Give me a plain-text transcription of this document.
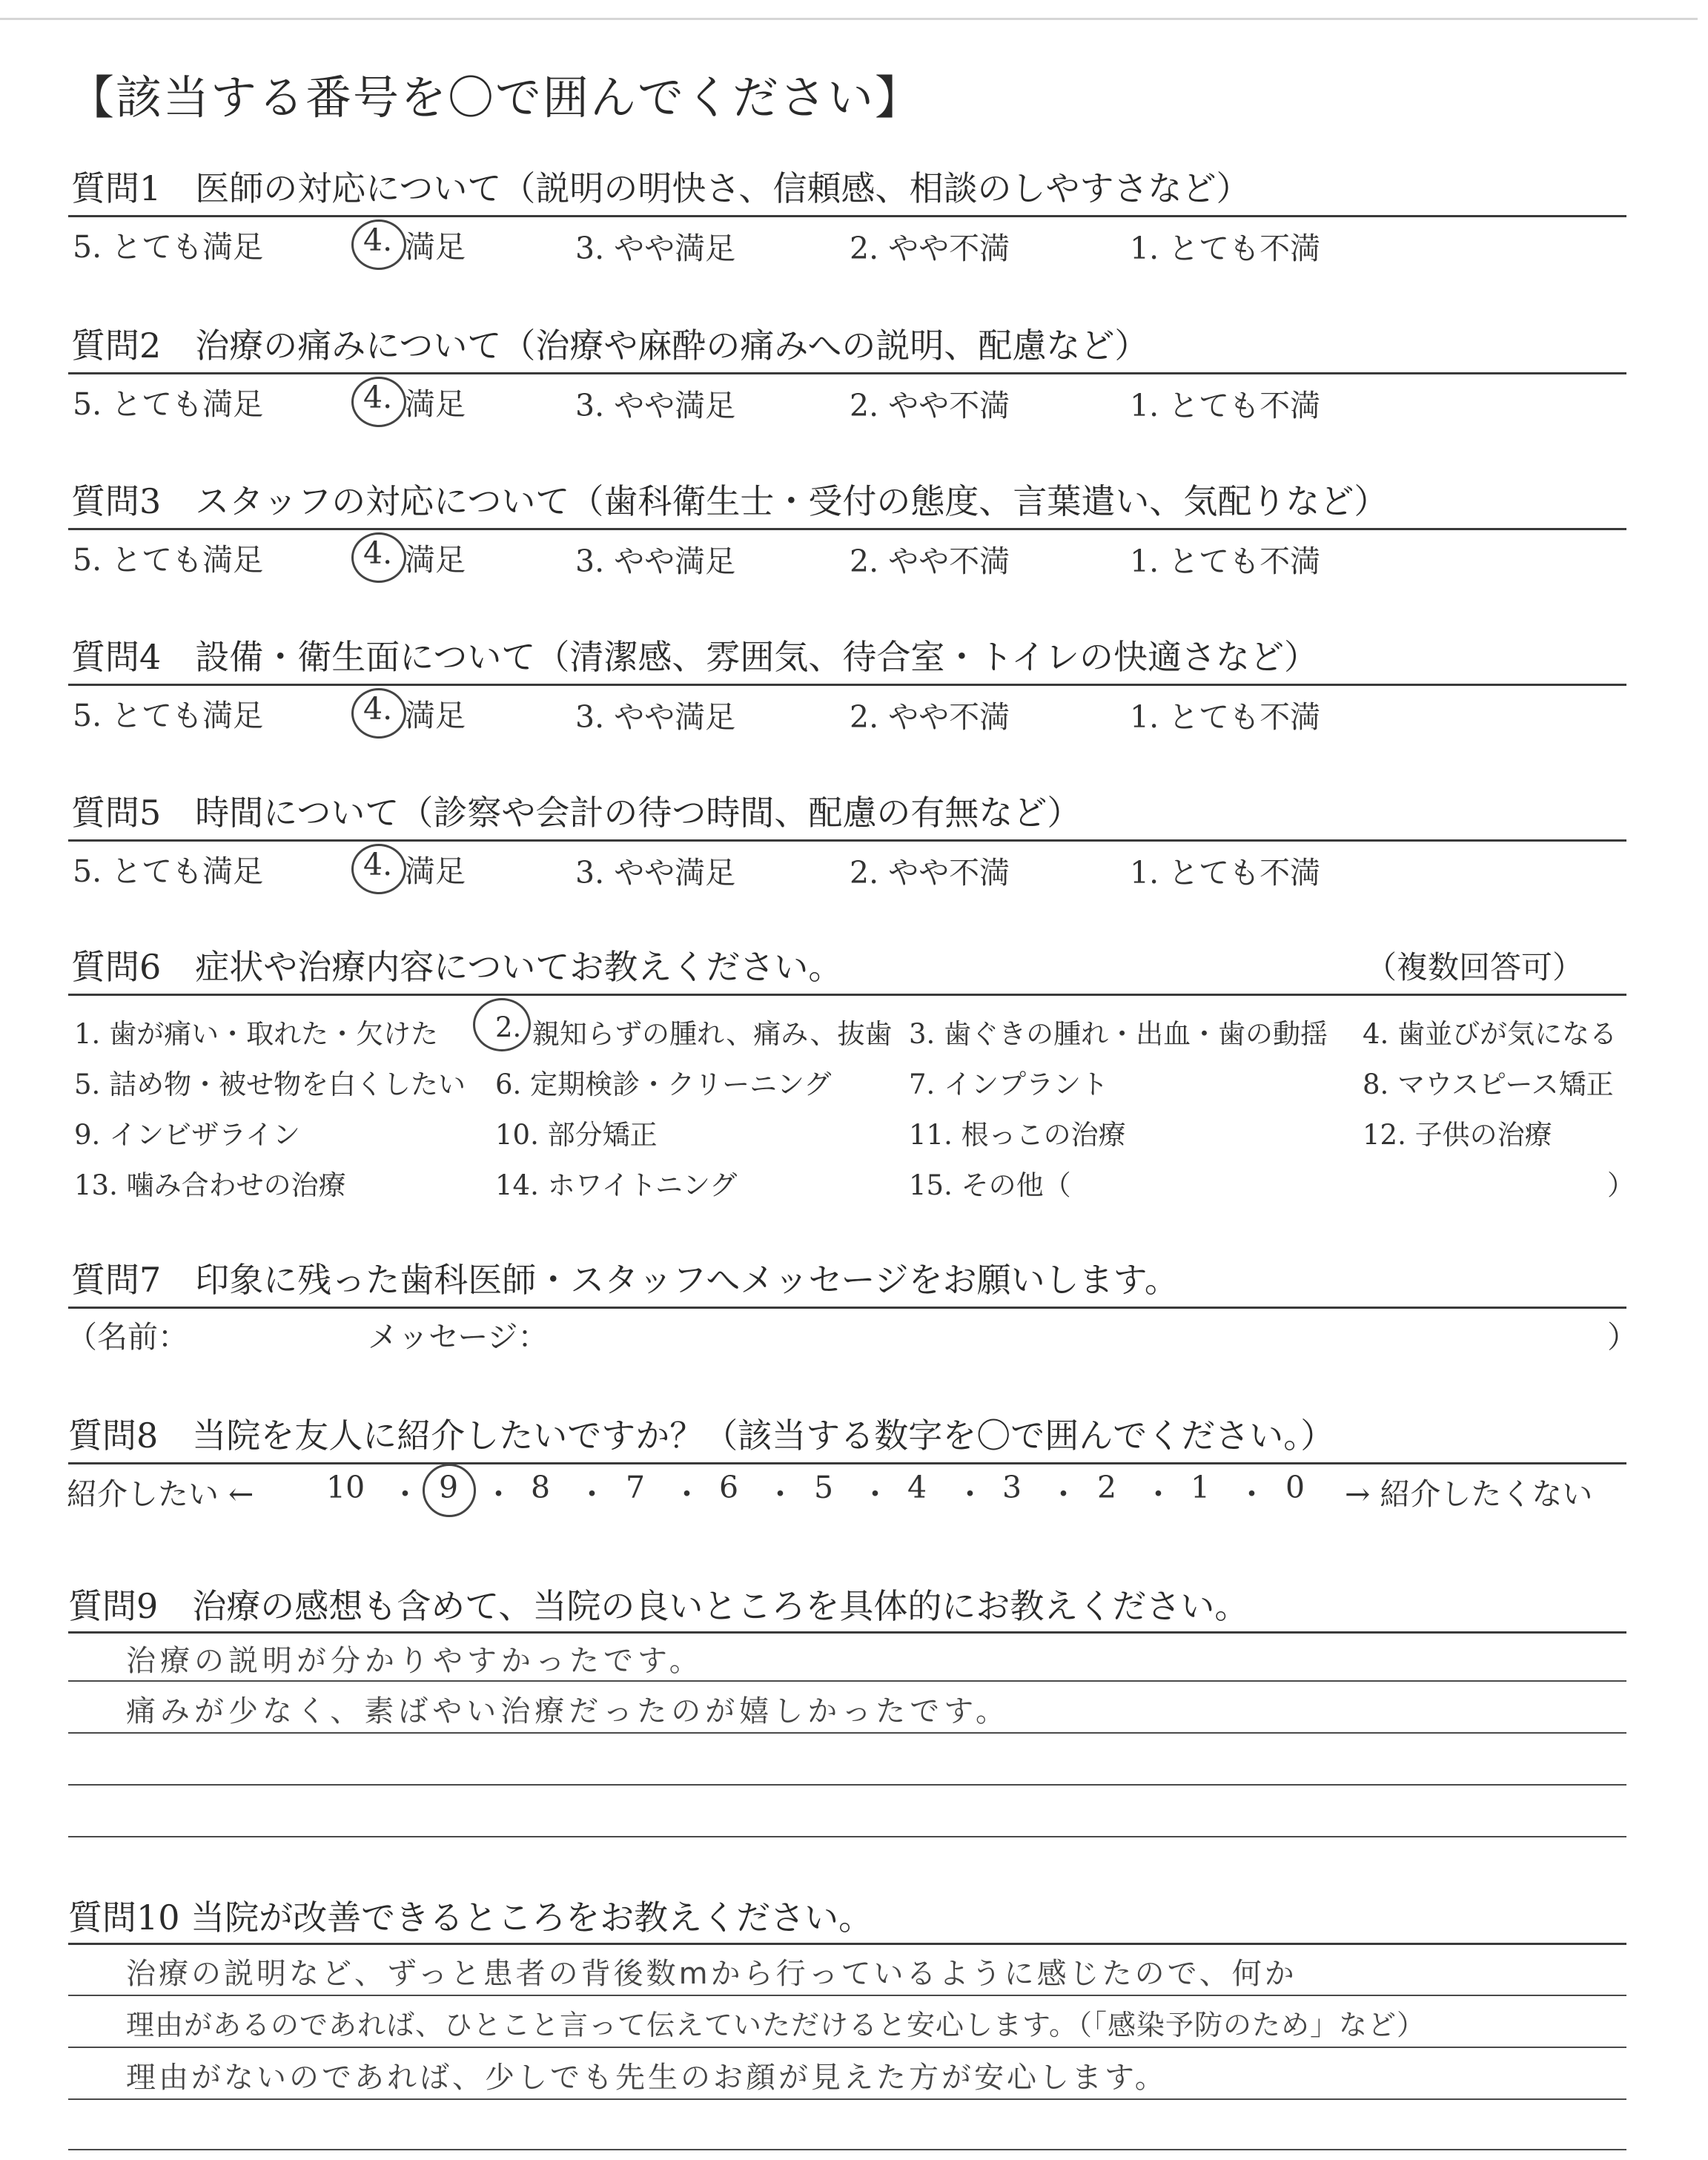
【該当する番号を〇で囲んでください】
質問1　医師の対応について（説明の明快さ、信頼感、相談のしやすさなど）
5. とても満足	4. 満足	3. やや満足	2. やや不満	1. とても不満
質問2　治療の痛みについて（治療や麻酔の痛みへの説明、配慮など）
5. とても満足	4. 満足	3. やや満足	2. やや不満	1. とても不満
質問3　スタッフの対応について（歯科衛生士・受付の態度、言葉遣い、気配りなど）
5. とても満足	4. 満足	3. やや満足	2. やや不満	1. とても不満
質問4　設備・衛生面について（清潔感、雰囲気、待合室・トイレの快適さなど）
5. とても満足	4. 満足	3. やや満足	2. やや不満	1. とても不満
質問5　時間について（診察や会計の待つ時間、配慮の有無など）
5. とても満足	4. 満足	3. やや満足	2. やや不満	1. とても不満
質問6　症状や治療内容についてお教えください。	（複数回答可）
1. 歯が痛い・取れた・欠けた 2. 親知らずの腫れ、痛み、抜歯 3. 歯ぐきの腫れ・出血・歯の動揺 4. 歯並びが気になる
5. 詰め物・被せ物を白くしたい 6. 定期検診・クリーニング	7. インプラント	8. マウスピース矯正
9. インビザライン	10. 部分矯正	11. 根っこの治療	12. 子供の治療
13. 噛み合わせの治療	14. ホワイトニング	15. その他（	）
質問7　印象に残った歯科医師・スタッフへメッセージをお願いします。
（名前：	メッセージ：	）
質問8　当院を友人に紹介したいですか？（該当する数字を〇で囲んでください。）
紹介したい ←	→ 紹介したくない
10 ・ 9 ・ 8 ・ 7 ・ 6 ・ 5 ・ 4 ・ 3 ・ 2 ・ 1 ・ 0
質問9　治療の感想も含めて、当院の良いところを具体的にお教えください。
治療の説明が分かりやすかったです。
痛みが少なく、素ばやい治療だったのが嬉しかったです。
質問10 当院が改善できるところをお教えください。
治療の説明など、ずっと患者の背後数mから行っているように感じたので、何か
理由があるのであれば、ひとこと言って伝えていただけると安心します。（「感染予防のため」など）
理由がないのであれば、少しでも先生のお顔が見えた方が安心します。
